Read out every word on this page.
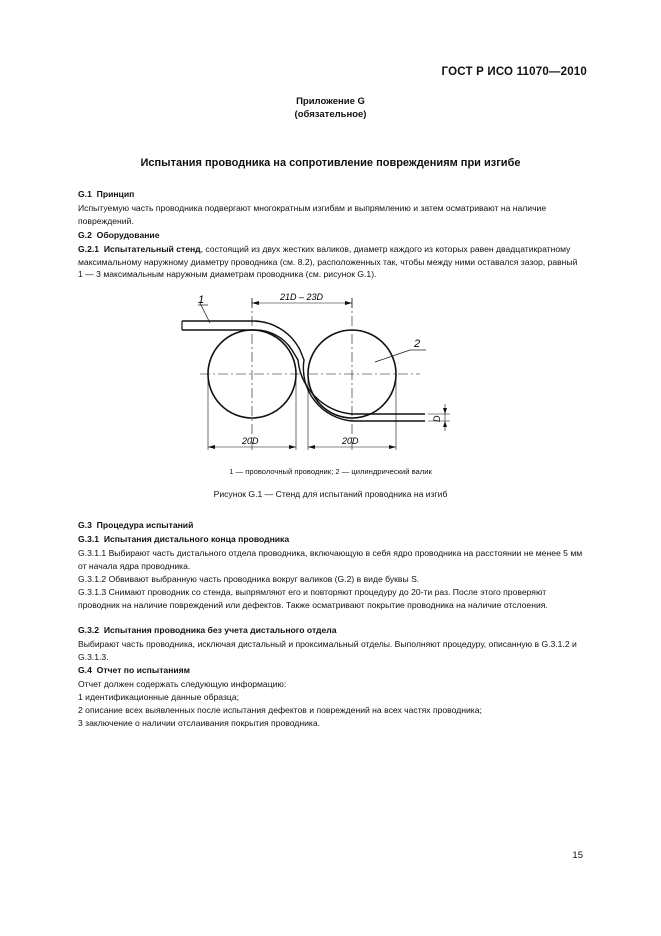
ГОСТ Р ИСО 11070—2010
Приложение G
(обязательное)
Испытания проводника на сопротивление повреждениям при изгибе
G.1 Принцип
Испытуемую часть проводника подвергают многократным изгибам и выпрямлению и затем осматривают на наличие повреждений.
G.2 Оборудование
G.2.1 Испытательный стенд, состоящий из двух жестких валиков, диаметр каждого из которых равен двадцатикратному максимальному наружному диаметру проводника (см. 8.2), расположенных так, чтобы между ними оставался зазор, равный 1 — 3 максимальным наружным диаметрам проводника (см. рисунок G.1).
1
2
21D – 23D
20D	20D
D
1 — проволочный проводник; 2 — цилиндрический валик
Рисунок G.1 — Стенд для испытаний проводника на изгиб
G.3 Процедура испытаний
G.3.1 Испытания дистального конца проводника
G.3.1.1 Выбирают часть дистального отдела проводника, включающую в себя ядро проводника на расстоянии не менее 5 мм от начала ядра проводника.
G.3.1.2 Обвивают выбранную часть проводника вокруг валиков (G.2) в виде буквы S.
G.3.1.3 Снимают проводник со стенда, выпрямляют его и повторяют процедуру до 20-ти раз. После этого проверяют проводник на наличие повреждений или дефектов. Также осматривают покрытие проводника на наличие отслоения.
G.3.2 Испытания проводника без учета дистального отдела
Выбирают часть проводника, исключая дистальный и проксимальный отделы. Выполняют процедуру, описанную в G.3.1.2 и G.3.1.3.
G.4 Отчет по испытаниям
Отчет должен содержать следующую информацию:
1 идентификационные данные образца;
2 описание всех выявленных после испытания дефектов и повреждений на всех частях проводника;
3 заключение о наличии отслаивания покрытия проводника.
15
